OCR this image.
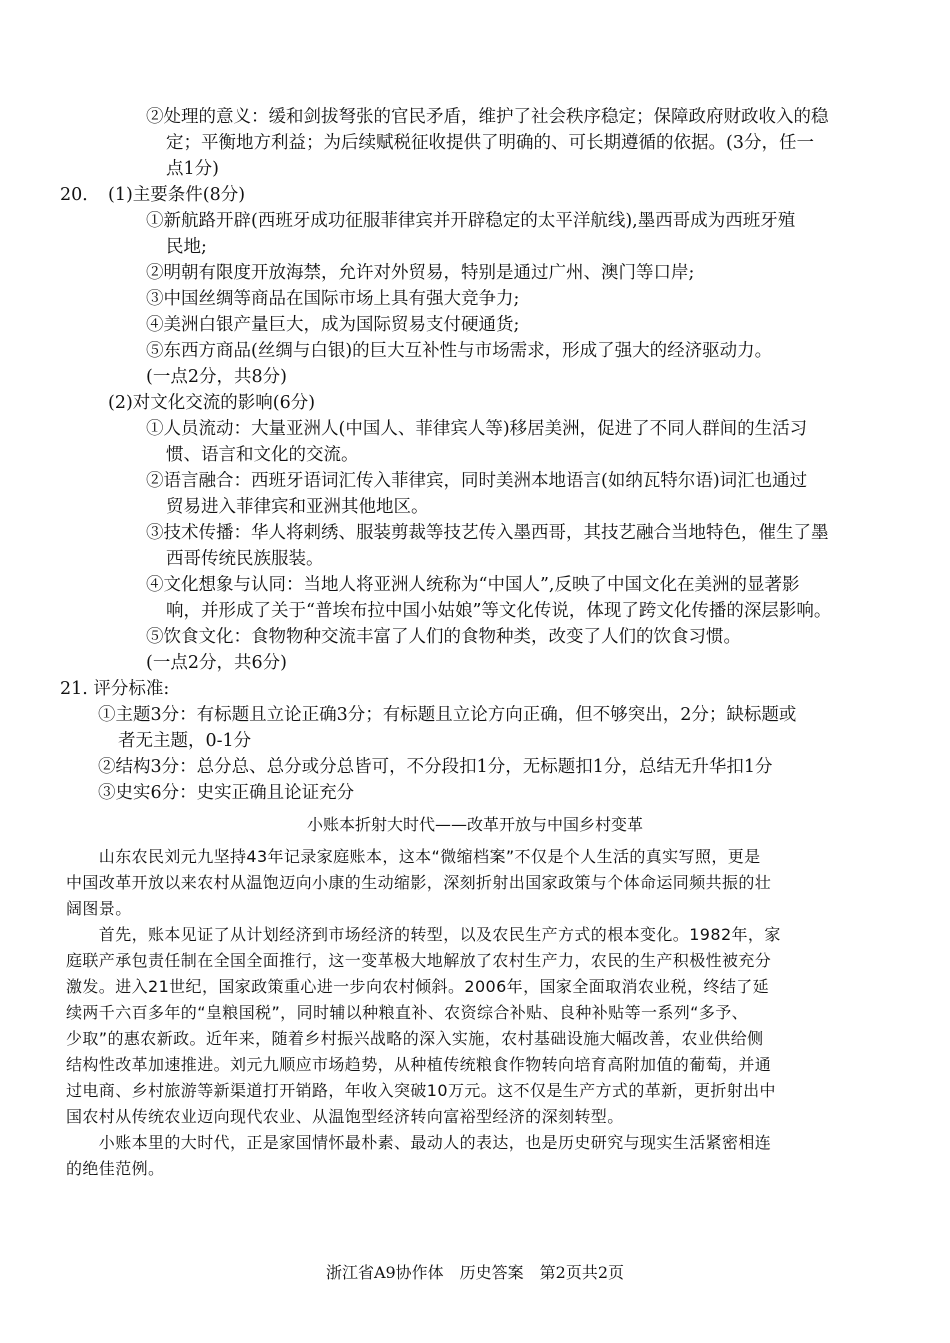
②处理的意义：缓和剑拔弩张的官民矛盾，维护了社会秩序稳定；保障政府财政收入的稳
定；平衡地方利益；为后续赋税征收提供了明确的、可长期遵循的依据。(3分，任一
点1分)
20． (1)主要条件(8分)
①新航路开辟(西班牙成功征服菲律宾并开辟稳定的太平洋航线),墨西哥成为西班牙殖
民地;
②明朝有限度开放海禁，允许对外贸易，特别是通过广州、澳门等口岸;
③中国丝绸等商品在国际市场上具有强大竞争力;
④美洲白银产量巨大，成为国际贸易支付硬通货;
⑤东西方商品(丝绸与白银)的巨大互补性与市场需求，形成了强大的经济驱动力。
(一点2分，共8分)
(2)对文化交流的影响(6分)
①人员流动：大量亚洲人(中国人、菲律宾人等)移居美洲，促进了不同人群间的生活习
惯、语言和文化的交流。
②语言融合：西班牙语词汇传入菲律宾，同时美洲本地语言(如纳瓦特尔语)词汇也通过
贸易进入菲律宾和亚洲其他地区。
③技术传播：华人将刺绣、服装剪裁等技艺传入墨西哥，其技艺融合当地特色，催生了墨
西哥传统民族服装。
④文化想象与认同：当地人将亚洲人统称为“中国人”,反映了中国文化在美洲的显著影
响，并形成了关于“普埃布拉中国小姑娘”等文化传说，体现了跨文化传播的深层影响。
⑤饮食文化：食物物种交流丰富了人们的食物种类，改变了人们的饮食习惯。
(一点2分，共6分)
21. 评分标准:
①主题3分：有标题且立论正确3分；有标题且立论方向正确，但不够突出，2分；缺标题或
者无主题，0-1分
②结构3分：总分总、总分或分总皆可，不分段扣1分，无标题扣1分，总结无升华扣1分
③史实6分：史实正确且论证充分
小账本折射大时代——改革开放与中国乡村变革
　　山东农民刘元九坚持43年记录家庭账本，这本“微缩档案”不仅是个人生活的真实写照，更是
中国改革开放以来农村从温饱迈向小康的生动缩影，深刻折射出国家政策与个体命运同频共振的壮
阔图景。
　　首先，账本见证了从计划经济到市场经济的转型，以及农民生产方式的根本变化。1982年，家
庭联产承包责任制在全国全面推行，这一变革极大地解放了农村生产力，农民的生产积极性被充分
激发。进入21世纪，国家政策重心进一步向农村倾斜。2006年，国家全面取消农业税，终结了延
续两千六百多年的“皇粮国税”，同时辅以种粮直补、农资综合补贴、良种补贴等一系列“多予、
少取”的惠农新政。近年来，随着乡村振兴战略的深入实施，农村基础设施大幅改善，农业供给侧
结构性改革加速推进。刘元九顺应市场趋势，从种植传统粮食作物转向培育高附加值的葡萄，并通
过电商、乡村旅游等新渠道打开销路，年收入突破10万元。这不仅是生产方式的革新，更折射出中
国农村从传统农业迈向现代农业、从温饱型经济转向富裕型经济的深刻转型。
　　小账本里的大时代，正是家国情怀最朴素、最动人的表达，也是历史研究与现实生活紧密相连
的绝佳范例。
浙江省A9协作体　历史答案　第2页共2页
